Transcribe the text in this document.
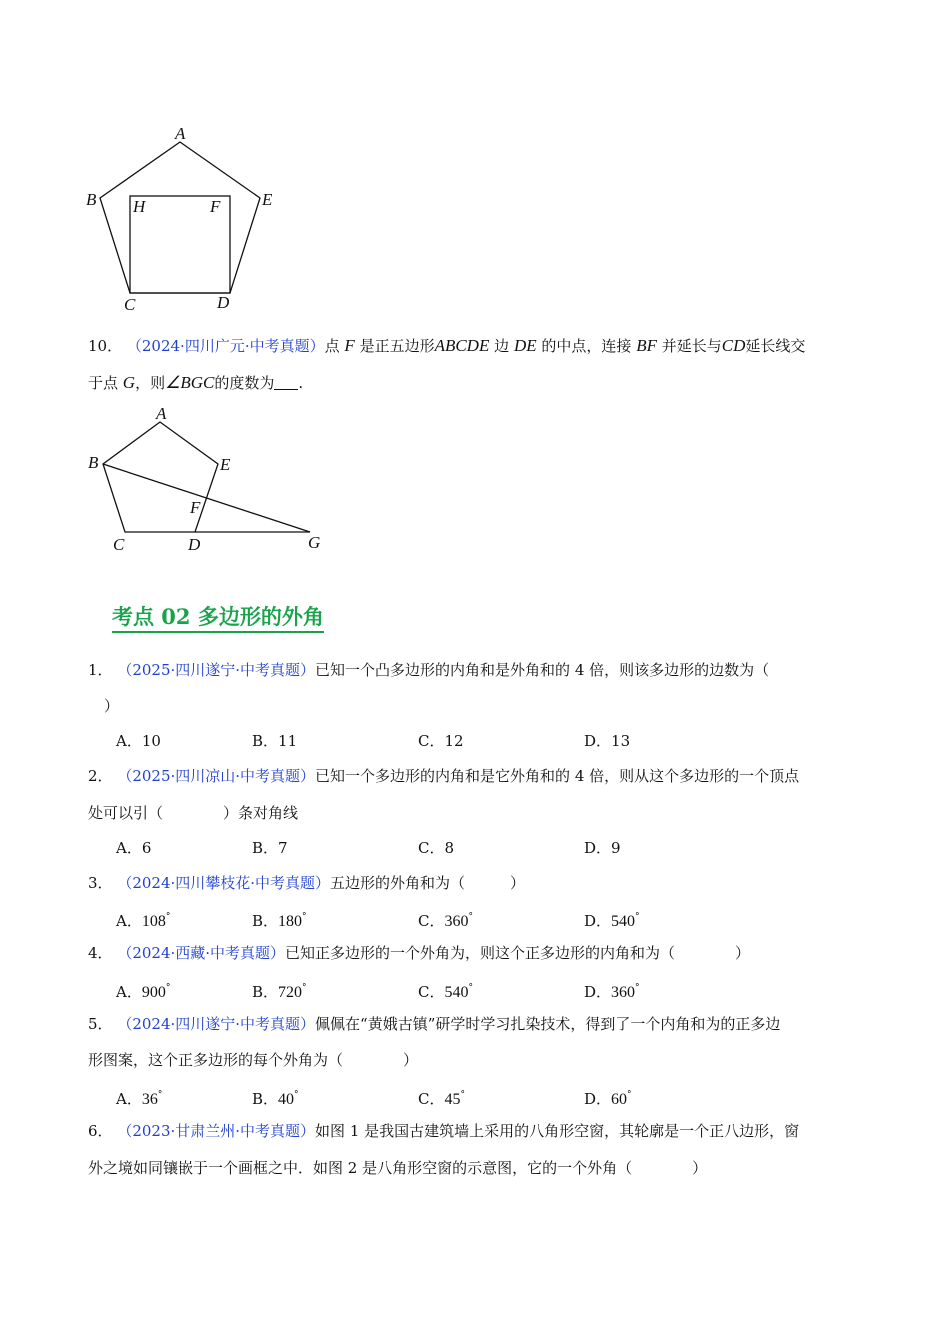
A
B H	F E
C	D
10． （2024·四川广元·中考真题）点 F 是正五边形ABCDE 边 DE 的中点，连接 BF 并延长与CD延长线交
于点 G，则∠BGC的度数为 .
A
B	E
F
C	D	G
考点 02 多边形的外角
1． （2025·四川遂宁·中考真题）已知一个凸多边形的内角和是外角和的 4 倍，则该多边形的边数为（
）
A．10	B．11	C．12	D．13
2． （2025·四川凉山·中考真题）已知一个多边形的内角和是它外角和的 4 倍，则从这个多边形的一个顶点
处可以引（　　　　）条对角线
A．6	B．7	C．8	D．9
3． （2024·四川攀枝花·中考真题）五边形的外角和为（　　　）
A．108°	B．180°	C．360°	D．540°
4． （2024·西藏·中考真题）已知正多边形的一个外角为，则这个正多边形的内角和为（　　　　）
A．900°	B．720°	C．540°	D．360°
5． （2024·四川遂宁·中考真题）佩佩在“黄娥古镇”研学时学习扎染技术，得到了一个内角和为的正多边
形图案，这个正多边形的每个外角为（　　　　）
A．36°	B．40°	C．45°	D．60°
6． （2023·甘肃兰州·中考真题）如图 1 是我国古建筑墙上采用的八角形空窗，其轮廓是一个正八边形，窗
外之境如同镶嵌于一个画框之中．如图 2 是八角形空窗的示意图，它的一个外角（　　　　）
